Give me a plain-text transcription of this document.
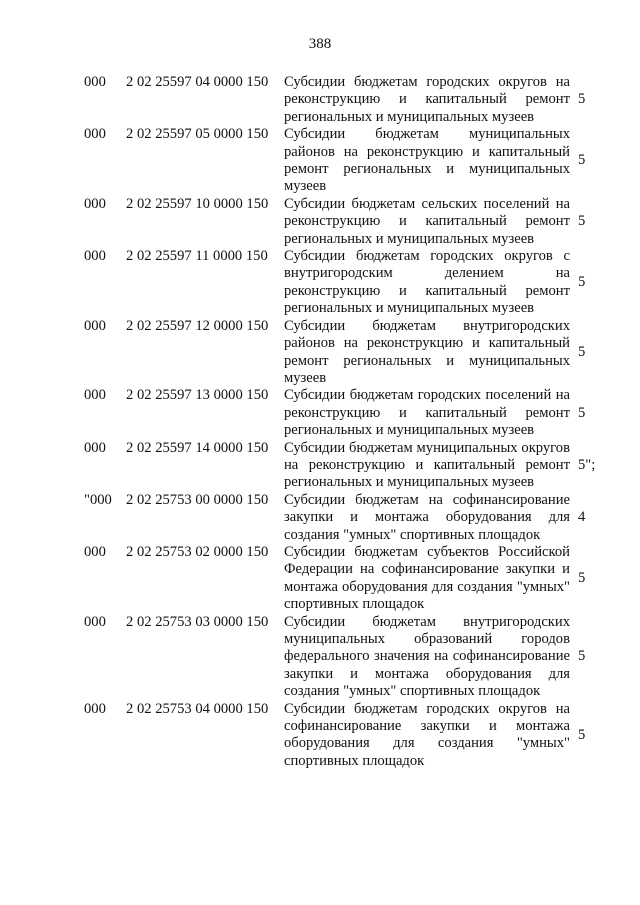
388
000	2 02 25597 04 0000 150	Субсидии бюджетам городских округов на реконструкцию и капитальный ремонт региональных и муниципальных музеев	5
000	2 02 25597 05 0000 150	Субсидии бюджетам муниципальных районов на реконструкцию и капитальный ремонт региональных и муниципальных музеев	5
000	2 02 25597 10 0000 150	Субсидии бюджетам сельских поселений на реконструкцию и капитальный ремонт региональных и муниципальных музеев	5
000	2 02 25597 11 0000 150	Субсидии бюджетам городских округов с внутригородским делением на реконструкцию и капитальный ремонт региональных и муниципальных музеев	5
000	2 02 25597 12 0000 150	Субсидии бюджетам внутригородских районов на реконструкцию и капитальный ремонт региональных и муниципальных музеев	5
000	2 02 25597 13 0000 150	Субсидии бюджетам городских поселений на реконструкцию и капитальный ремонт региональных и муниципальных музеев	5
000	2 02 25597 14 0000 150	Субсидии бюджетам муниципальных округов на реконструкцию и капитальный ремонт региональных и муниципальных музеев	5";
"000	2 02 25753 00 0000 150	Субсидии бюджетам на софинансирование закупки и монтажа оборудования для создания "умных" спортивных площадок	4
000	2 02 25753 02 0000 150	Субсидии бюджетам субъектов Российской Федерации на софинансирование закупки и монтажа оборудования для создания "умных" спортивных площадок	5
000	2 02 25753 03 0000 150	Субсидии бюджетам внутригородских муниципальных образований городов федерального значения на софинансирование закупки и монтажа оборудования для создания "умных" спортивных площадок	5
000	2 02 25753 04 0000 150	Субсидии бюджетам городских округов на софинансирование закупки и монтажа оборудования для создания "умных" спортивных площадок	5
